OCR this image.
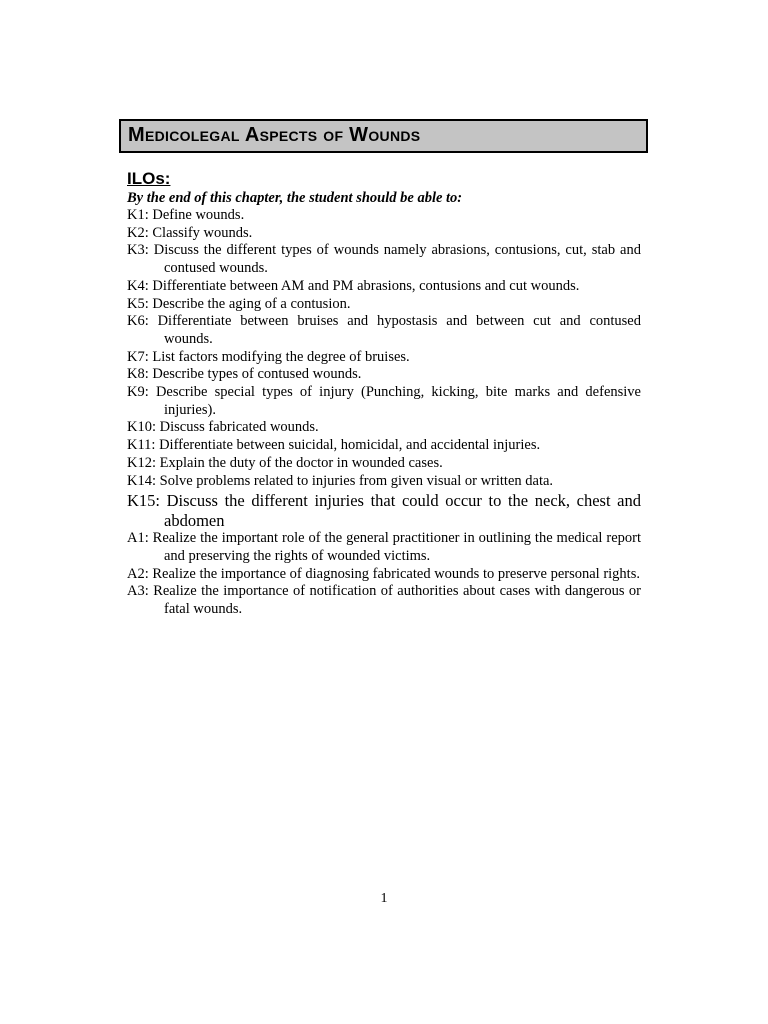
Medicolegal Aspects of Wounds
ILOs:
By the end of this chapter, the student should be able to:
K1: Define wounds.
K2: Classify wounds.
K3: Discuss the different types of wounds namely abrasions, contusions, cut, stab and contused wounds.
K4: Differentiate between AM and PM abrasions, contusions and cut wounds.
K5: Describe the aging of a contusion.
K6: Differentiate between bruises and hypostasis and between cut and contused wounds.
K7: List factors modifying the degree of bruises.
K8: Describe types of contused wounds.
K9: Describe special types of injury (Punching, kicking, bite marks and defensive injuries).
K10: Discuss fabricated wounds.
K11: Differentiate between suicidal, homicidal, and accidental injuries.
K12: Explain the duty of the doctor in wounded cases.
K14: Solve problems related to injuries from given visual or written data.
K15: Discuss the different injuries that could occur to the neck, chest and abdomen
A1: Realize the important role of the general practitioner in outlining the medical report and preserving the rights of wounded victims.
A2: Realize the importance of diagnosing fabricated wounds to preserve personal rights.
A3: Realize the importance of notification of authorities about cases with dangerous or fatal wounds.
1
